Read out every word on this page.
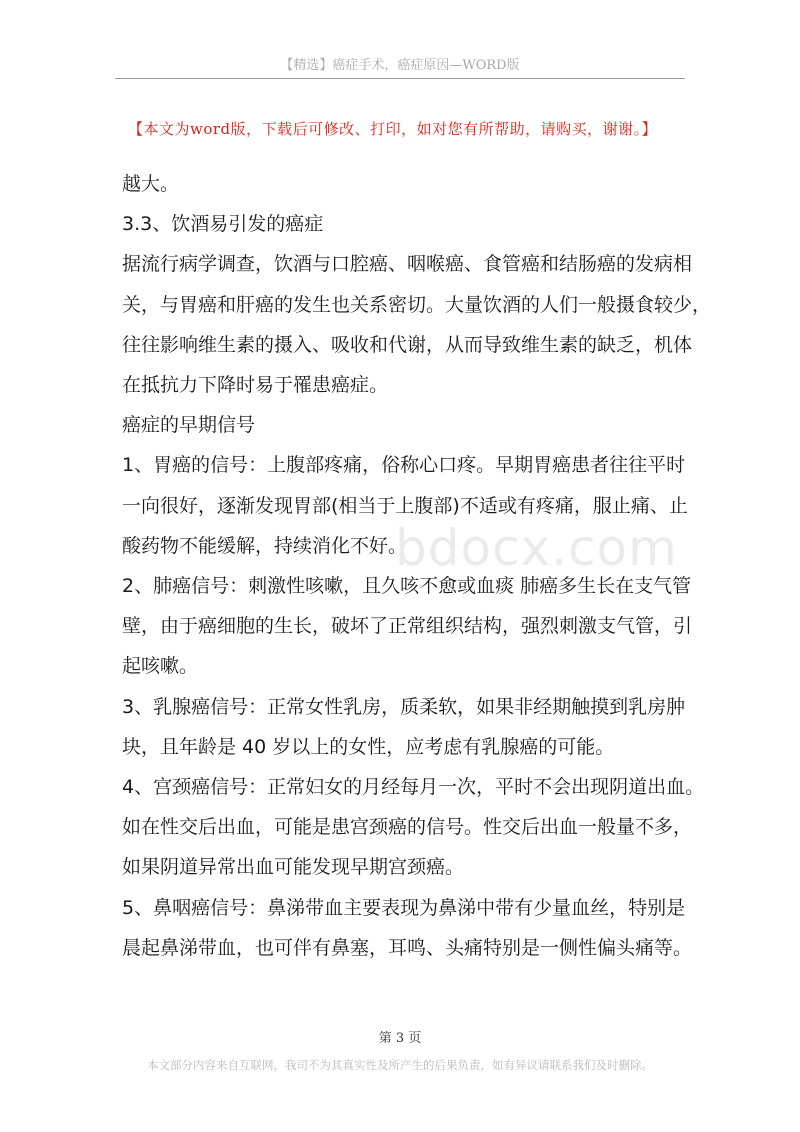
【精选】癌症手术，癌症原因—WORD版
【本文为word版，下载后可修改、打印，如对您有所帮助，请购买，谢谢。】
bdocx.com
越大。
3.3、饮酒易引发的癌症
据流行病学调查，饮酒与口腔癌、咽喉癌、食管癌和结肠癌的发病相
关，与胃癌和肝癌的发生也关系密切。大量饮酒的人们一般摄食较少，
往往影响维生素的摄入、吸收和代谢，从而导致维生素的缺乏，机体
在抵抗力下降时易于罹患癌症。
癌症的早期信号
1、胃癌的信号：上腹部疼痛，俗称心口疼。早期胃癌患者往往平时
一向很好，逐渐发现胃部(相当于上腹部)不适或有疼痛，服止痛、止
酸药物不能缓解，持续消化不好。
2、肺癌信号：刺激性咳嗽，且久咳不愈或血痰 肺癌多生长在支气管
壁，由于癌细胞的生长，破坏了正常组织结构，强烈刺激支气管，引
起咳嗽。
3、乳腺癌信号：正常女性乳房，质柔软，如果非经期触摸到乳房肿
块，且年龄是 40 岁以上的女性，应考虑有乳腺癌的可能。
4、宫颈癌信号：正常妇女的月经每月一次，平时不会出现阴道出血。
如在性交后出血，可能是患宫颈癌的信号。性交后出血一般量不多，
如果阴道异常出血可能发现早期宫颈癌。
5、鼻咽癌信号：鼻涕带血主要表现为鼻涕中带有少量血丝，特别是
晨起鼻涕带血，也可伴有鼻塞，耳鸣、头痛特别是一侧性偏头痛等。
第 3 页
本文部分内容来自互联网，我司不为其真实性及所产生的后果负责，如有异议请联系我们及时删除。
